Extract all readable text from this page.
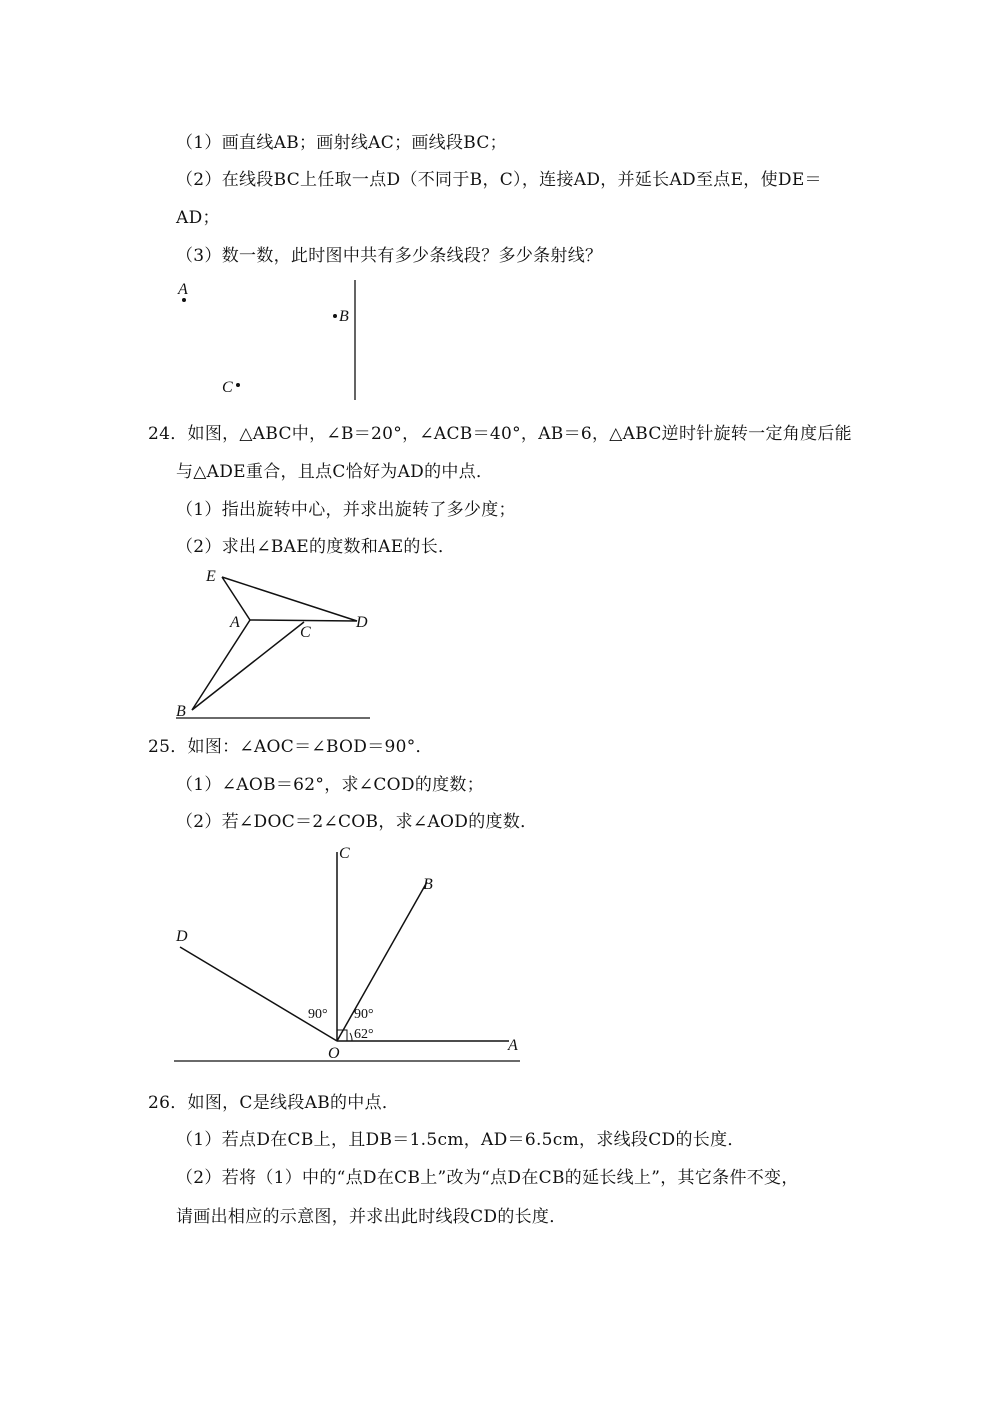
（1）画直线AB；画射线AC；画线段BC；
（2）在线段BC上任取一点D（不同于B，C），连接AD，并延长AD至点E，使DE＝
AD；
（3）数一数，此时图中共有多少条线段？多少条射线？
A
B
C
24．如图，△ABC中，∠B＝20°，∠ACB＝40°，AB＝6，△ABC逆时针旋转一定角度后能
与△ADE重合，且点C恰好为AD的中点．
（1）指出旋转中心，并求出旋转了多少度；
（2）求出∠BAE的度数和AE的长．
E
A
C
D
B
25．如图：∠AOC＝∠BOD＝90°．
（1）∠AOB＝62°，求∠COD的度数；
（2）若∠DOC＝2∠COB，求∠AOD的度数．
C
B
D
O	A
90° 90°
62°
26．如图，C是线段AB的中点．
（1）若点D在CB上，且DB＝1.5cm，AD＝6.5cm，求线段CD的长度．
（2）若将（1）中的“点D在CB上”改为“点D在CB的延长线上”，其它条件不变，
请画出相应的示意图，并求出此时线段CD的长度．
